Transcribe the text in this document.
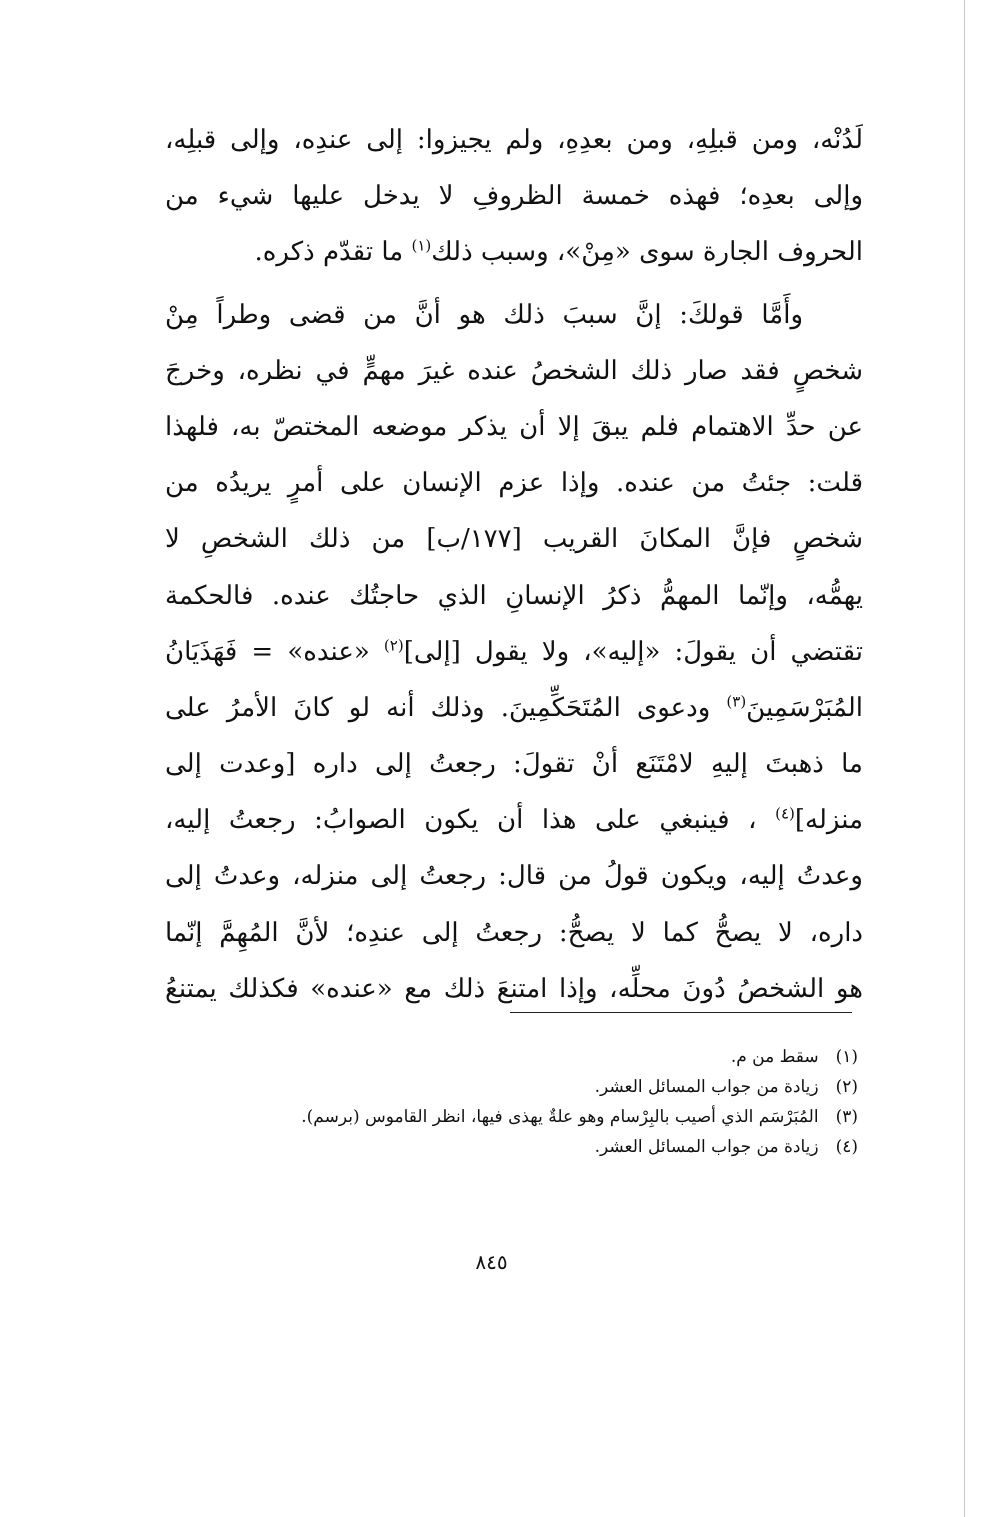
لَدُنْه، ومن قبلِهِ، ومن بعدِهِ، ولم يجيزوا: إلى عندِه، وإلى قبلِه،
وإلى بعدِه؛ فهذه خمسة الظروفِ لا يدخل عليها شيء من
الحروف الجارة سوى «مِنْ»، وسبب ذلك$^{(١)}$ ما تقدّم ذكره.
وأَمَّا قولكَ: إنَّ سببَ ذلك هو أنَّ من قضى وطراً مِنْ
شخصٍ فقد صار ذلك الشخصُ عنده غيرَ مهمٍّ في نظره، وخرجَ
عن حدِّ الاهتمام فلم يبقَ إلا أن يذكر موضعه المختصّ به، فلهذا
قلت: جئتُ من عنده. وإذا عزم الإنسان على أمرٍ يريدُه من
شخصٍ فإنَّ المكانَ القريب [١٧٧/ب] من ذلك الشخصِ لا
يهمُّه، وإنّما المهمُّ ذكرُ الإنسانِ الذي حاجتُك عنده. فالحكمة
تقتضي أن يقولَ: «إليه»، ولا يقول [إلى]$^{(٢)}$ «عنده» = فَهَذَيَانُ
المُبَرْسَمِينَ$^{(٣)}$ ودعوى المُتَحَكِّمِينَ. وذلك أنه لو كانَ الأمرُ على
ما ذهبتَ إليهِ لامْتَنَع أنْ تقولَ: رجعتُ إلى داره [وعدت إلى
منزله]$^{(٤)}$ ، فينبغي على هذا أن يكون الصوابُ: رجعتُ إليه،
وعدتُ إليه، ويكون قولُ من قال: رجعتُ إلى منزله، وعدتُ إلى
داره، لا يصحُّ كما لا يصحُّ: رجعتُ إلى عندِه؛ لأنَّ المُهِمَّ إنّما
هو الشخصُ دُونَ محلِّه، وإذا امتنعَ ذلك مع «عنده» فكذلك يمتنعُ
(١) سقط من م.
(٢) زيادة من جواب المسائل العشر.
(٣) المُبَرْسَم الذي أصيب بالبِرْسام وهو علةٌ يهذى فيها، انظر القاموس (برسم).
(٤) زيادة من جواب المسائل العشر.
٨٤٥
